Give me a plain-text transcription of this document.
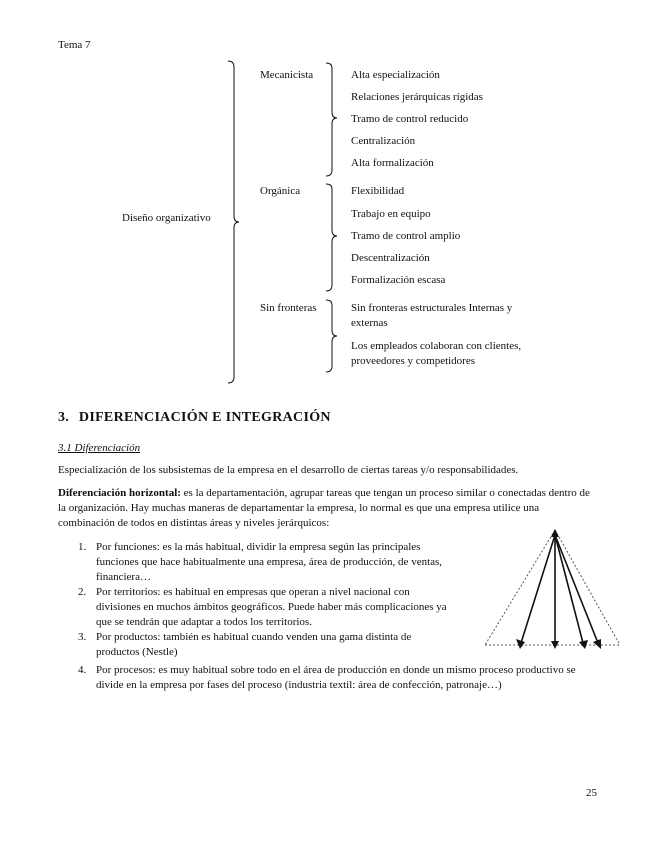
Tema 7
Diseño organizativo
Mecanicista	Alta especialización
Relaciones jerárquicas rígidas
Tramo de control reducido
Centralización
Alta formalización
Orgánica	Flexibilidad
Trabajo en equipo
Tramo de control amplio
Descentralización
Formalización escasa
Sin fronteras	Sin fronteras estructurales Internas y externas
Los empleados colaboran con clientes, proveedores y competidores
3. DIFERENCIACIÓN E INTEGRACIÓN
3.1 Diferenciación
Especialización de los subsistemas de la empresa en el desarrollo de ciertas tareas y/o responsabilidades.
Diferenciación horizontal: es la departamentación, agrupar tareas que tengan un proceso similar o conectadas dentro de la organización. Hay muchas maneras de departamentar la empresa, lo normal es que una empresa utilice una combinación de todos en distintas áreas y niveles jerárquicos:
1. Por funciones: es la más habitual, dividir la empresa según las principales funciones que hace habitualmente una empresa, área de producción, de ventas, financiera…
2. Por territorios: es habitual en empresas que operan a nivel nacional con divisiones en muchos ámbitos geográficos. Puede haber más complicaciones ya que se tendrán que adaptar a todos los territorios.
3. Por productos: también es habitual cuando venden una gama distinta de productos (Nestle)
4. Por procesos: es muy habitual sobre todo en el área de producción en donde un mismo proceso productivo se divide en la empresa por fases del proceso (industria textil: área de confección, patronaje…)
25
